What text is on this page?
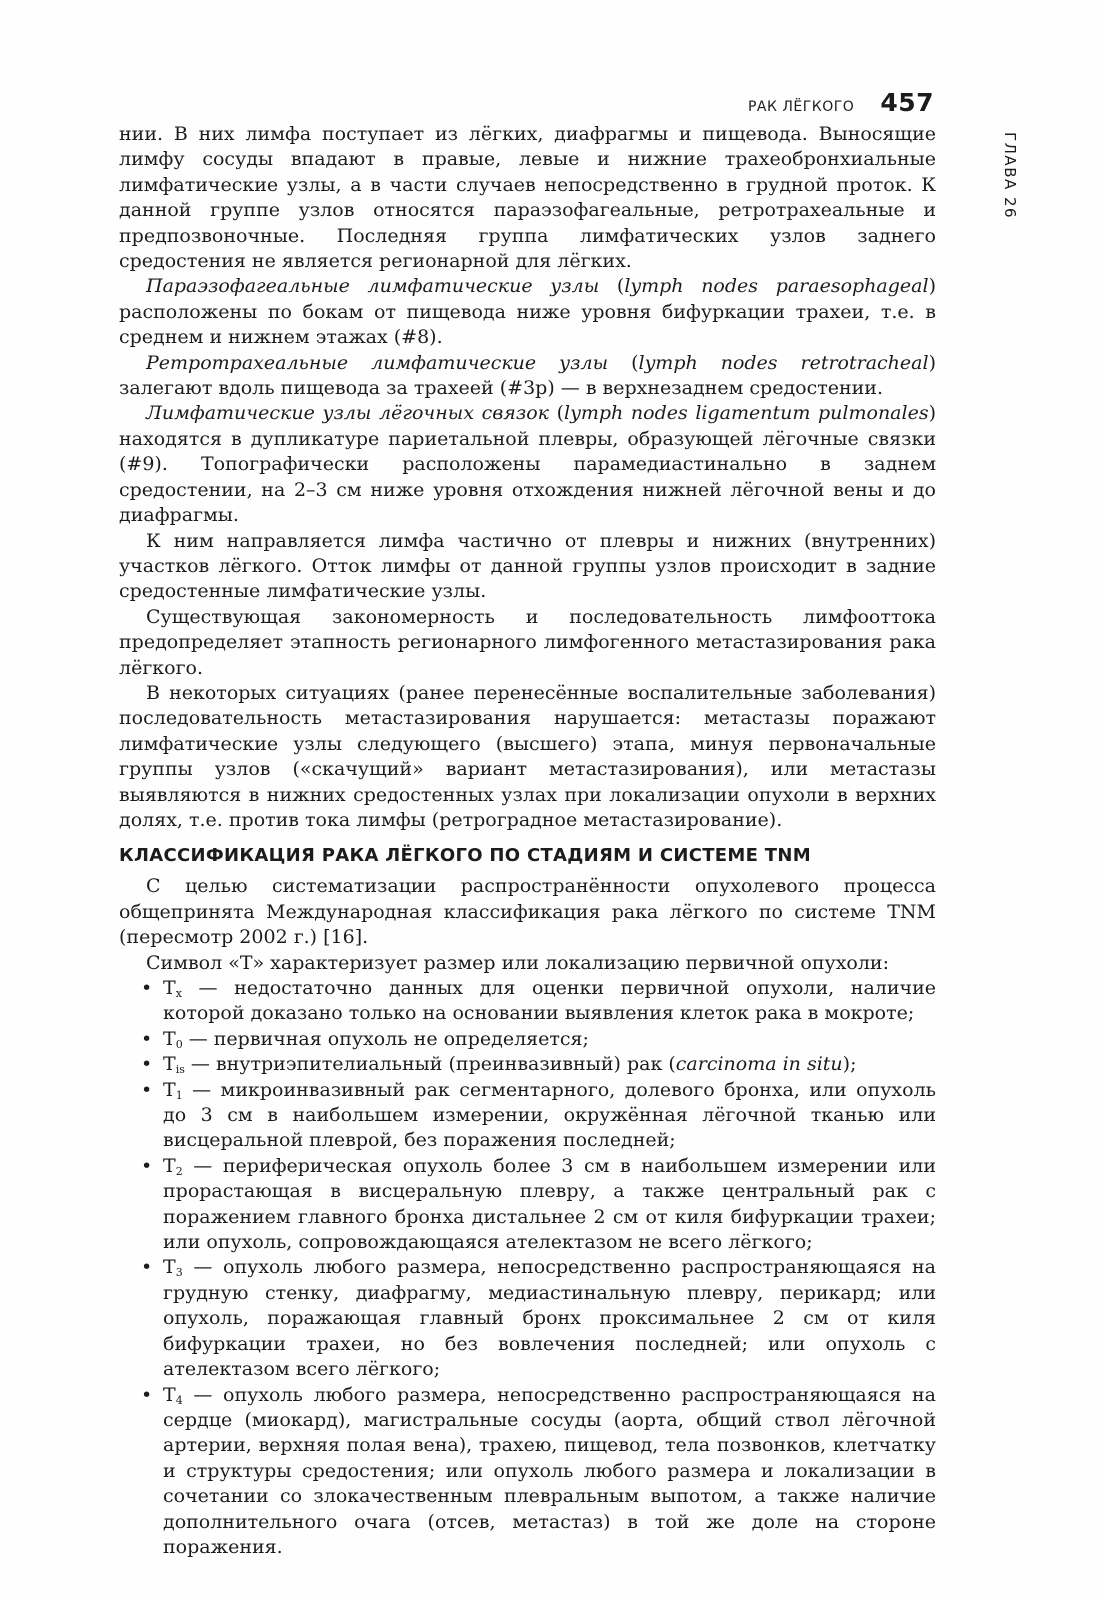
РАК ЛЁГКОГО 457
ГЛАВА 26

нии. В них лимфа поступает из лёгких, диафрагмы и пищевода. Выносящие лимфу сосуды впадают в правые, левые и нижние трахеобронхиальные лимфатические узлы, а в части случаев непосредственно в грудной проток. К данной группе узлов относятся параэзофагеальные, ретротрахеальные и предпозвоночные. Последняя группа лимфатических узлов заднего средостения не является регионарной для лёгких.

Параэзофагеальные лимфатические узлы (lymph nodes paraesophageal) расположены по бокам от пищевода ниже уровня бифуркации трахеи, т.е. в среднем и нижнем этажах (#8).

Ретротрахеальные лимфатические узлы (lymph nodes retrotracheal) залегают вдоль пищевода за трахеей (#3p) — в верхнезаднем средостении.

Лимфатические узлы лёгочных связок (lymph nodes ligamentum pulmonales) находятся в дупликатуре париетальной плевры, образующей лёгочные связки (#9). Топографически расположены парамедиастинально в заднем средостении, на 2–3 см ниже уровня отхождения нижней лёгочной вены и до диафрагмы.

К ним направляется лимфа частично от плевры и нижних (внутренних) участков лёгкого. Отток лимфы от данной группы узлов происходит в задние средостенные лимфатические узлы.

Существующая закономерность и последовательность лимфооттока предопределяет этапность регионарного лимфогенного метастазирования рака лёгкого.

В некоторых ситуациях (ранее перенесённые воспалительные заболевания) последовательность метастазирования нарушается: метастазы поражают лимфатические узлы следующего (высшего) этапа, минуя первоначальные группы узлов («скачущий» вариант метастазирования), или метастазы выявляются в нижних средостенных узлах при локализации опухоли в верхних долях, т.е. против тока лимфы (ретроградное метастазирование).

КЛАССИФИКАЦИЯ РАКА ЛЁГКОГО ПО СТАДИЯМ И СИСТЕМЕ TNM

С целью систематизации распространённости опухолевого процесса общепринята Международная классификация рака лёгкого по системе TNM (пересмотр 2002 г.) [16].

Символ «Т» характеризует размер или локализацию первичной опухоли:

• $T_x$ — недостаточно данных для оценки первичной опухоли, наличие которой доказано только на основании выявления клеток рака в мокроте;
• $T_0$ — первичная опухоль не определяется;
• $T_{is}$ — внутриэпителиальный (преинвазивный) рак (carcinoma in situ);
• $T_1$ — микроинвазивный рак сегментарного, долевого бронха, или опухоль до 3 см в наибольшем измерении, окружённая лёгочной тканью или висцеральной плеврой, без поражения последней;
• $T_2$ — периферическая опухоль более 3 см в наибольшем измерении или прорастающая в висцеральную плевру, а также центральный рак с поражением главного бронха дистальнее 2 см от киля бифуркации трахеи; или опухоль, сопровождающаяся ателектазом не всего лёгкого;
• $T_3$ — опухоль любого размера, непосредственно распространяющаяся на грудную стенку, диафрагму, медиастинальную плевру, перикард; или опухоль, поражающая главный бронх проксимальнее 2 см от киля бифуркации трахеи, но без вовлечения последней; или опухоль с ателектазом всего лёгкого;
• $T_4$ — опухоль любого размера, непосредственно распространяющаяся на сердце (миокард), магистральные сосуды (аорта, общий ствол лёгочной артерии, верхняя полая вена), трахею, пищевод, тела позвонков, клетчатку и структуры средостения; или опухоль любого размера и локализации в сочетании со злокачественным плевральным выпотом, а также наличие дополнительного очага (отсев, метастаз) в той же доле на стороне поражения.
